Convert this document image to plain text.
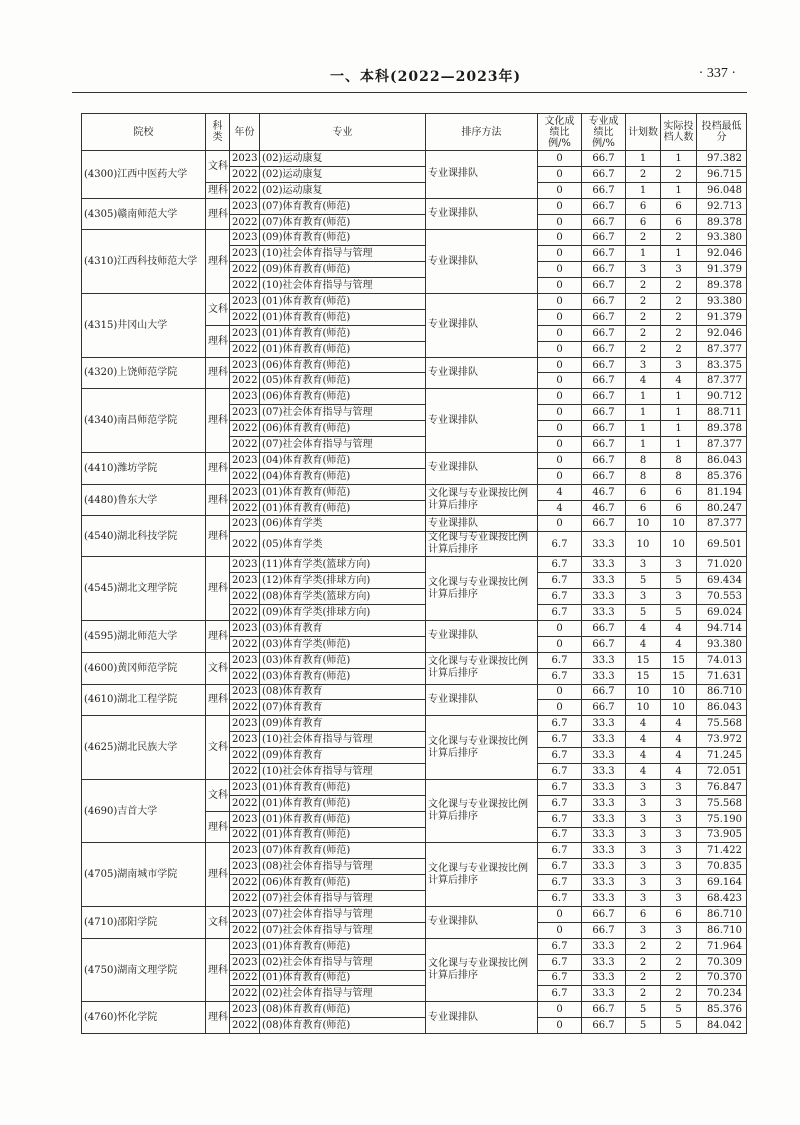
一、本科(2022—2023年)	· 337 ·
院校	科类	年份	专业	排序方法	文化成绩比例/%	专业成绩比例/%	计划数	实际投档人数	投档最低分
(4300)江西中医药大学	文科	2023	(02)运动康复	专业课排队	0	66.7	1	1	97.382
		2022	(02)运动康复		0	66.7	2	2	96.715
	理科	2022	(02)运动康复		0	66.7	1	1	96.048
(4305)赣南师范大学	理科	2023	(07)体育教育(师范)	专业课排队	0	66.7	6	6	92.713
		2022	(07)体育教育(师范)		0	66.7	6	6	89.378
(4310)江西科技师范大学	理科	2023	(09)体育教育(师范)	专业课排队	0	66.7	2	2	93.380
		2023	(10)社会体育指导与管理		0	66.7	1	1	92.046
		2022	(09)体育教育(师范)		0	66.7	3	3	91.379
		2022	(10)社会体育指导与管理		0	66.7	2	2	89.378
(4315)井冈山大学	文科	2023	(01)体育教育(师范)	专业课排队	0	66.7	2	2	93.380
		2022	(01)体育教育(师范)		0	66.7	2	2	91.379
	理科	2023	(01)体育教育(师范)		0	66.7	2	2	92.046
		2022	(01)体育教育(师范)		0	66.7	2	2	87.377
(4320)上饶师范学院	理科	2023	(06)体育教育(师范)	专业课排队	0	66.7	3	3	83.375
		2022	(05)体育教育(师范)		0	66.7	4	4	87.377
(4340)南昌师范学院	理科	2023	(06)体育教育(师范)	专业课排队	0	66.7	1	1	90.712
		2023	(07)社会体育指导与管理		0	66.7	1	1	88.711
		2022	(06)体育教育(师范)		0	66.7	1	1	89.378
		2022	(07)社会体育指导与管理		0	66.7	1	1	87.377
(4410)潍坊学院	理科	2023	(04)体育教育(师范)	专业课排队	0	66.7	8	8	86.043
		2022	(04)体育教育(师范)		0	66.7	8	8	85.376
(4480)鲁东大学	理科	2023	(01)体育教育(师范)	文化课与专业课按比例计算后排序	4	46.7	6	6	81.194
		2022	(01)体育教育(师范)		4	46.7	6	6	80.247
(4540)湖北科技学院	理科	2023	(06)体育学类	专业课排队	0	66.7	10	10	87.377
		2022	(05)体育学类	文化课与专业课按比例计算后排序	6.7	33.3	10	10	69.501
(4545)湖北文理学院	理科	2023	(11)体育学类(篮球方向)	文化课与专业课按比例计算后排序	6.7	33.3	3	3	71.020
		2023	(12)体育学类(排球方向)		6.7	33.3	5	5	69.434
		2022	(08)体育学类(篮球方向)		6.7	33.3	3	3	70.553
		2022	(09)体育学类(排球方向)		6.7	33.3	5	5	69.024
(4595)湖北师范大学	理科	2023	(03)体育教育	专业课排队	0	66.7	4	4	94.714
		2022	(03)体育学类(师范)		0	66.7	4	4	93.380
(4600)黄冈师范学院	文科	2023	(03)体育教育(师范)	文化课与专业课按比例计算后排序	6.7	33.3	15	15	74.013
		2022	(03)体育教育(师范)		6.7	33.3	15	15	71.631
(4610)湖北工程学院	理科	2023	(08)体育教育	专业课排队	0	66.7	10	10	86.710
		2022	(07)体育教育		0	66.7	10	10	86.043
(4625)湖北民族大学	文科	2023	(09)体育教育	文化课与专业课按比例计算后排序	6.7	33.3	4	4	75.568
		2023	(10)社会体育指导与管理		6.7	33.3	4	4	73.972
		2022	(09)体育教育		6.7	33.3	4	4	71.245
		2022	(10)社会体育指导与管理		6.7	33.3	4	4	72.051
(4690)吉首大学	文科	2023	(01)体育教育(师范)	文化课与专业课按比例计算后排序	6.7	33.3	3	3	76.847
		2022	(01)体育教育(师范)		6.7	33.3	3	3	75.568
	理科	2023	(01)体育教育(师范)		6.7	33.3	3	3	75.190
		2022	(01)体育教育(师范)		6.7	33.3	3	3	73.905
(4705)湖南城市学院	理科	2023	(07)体育教育(师范)	文化课与专业课按比例计算后排序	6.7	33.3	3	3	71.422
		2023	(08)社会体育指导与管理		6.7	33.3	3	3	70.835
		2022	(06)体育教育(师范)		6.7	33.3	3	3	69.164
		2022	(07)社会体育指导与管理		6.7	33.3	3	3	68.423
(4710)邵阳学院	文科	2023	(07)社会体育指导与管理	专业课排队	0	66.7	6	6	86.710
		2022	(07)社会体育指导与管理		0	66.7	3	3	86.710
(4750)湖南文理学院	理科	2023	(01)体育教育(师范)	文化课与专业课按比例计算后排序	6.7	33.3	2	2	71.964
		2023	(02)社会体育指导与管理		6.7	33.3	2	2	70.309
		2022	(01)体育教育(师范)		6.7	33.3	2	2	70.370
		2022	(02)社会体育指导与管理		6.7	33.3	2	2	70.234
(4760)怀化学院	理科	2023	(08)体育教育(师范)	专业课排队	0	66.7	5	5	85.376
		2022	(08)体育教育(师范)		0	66.7	5	5	84.042
